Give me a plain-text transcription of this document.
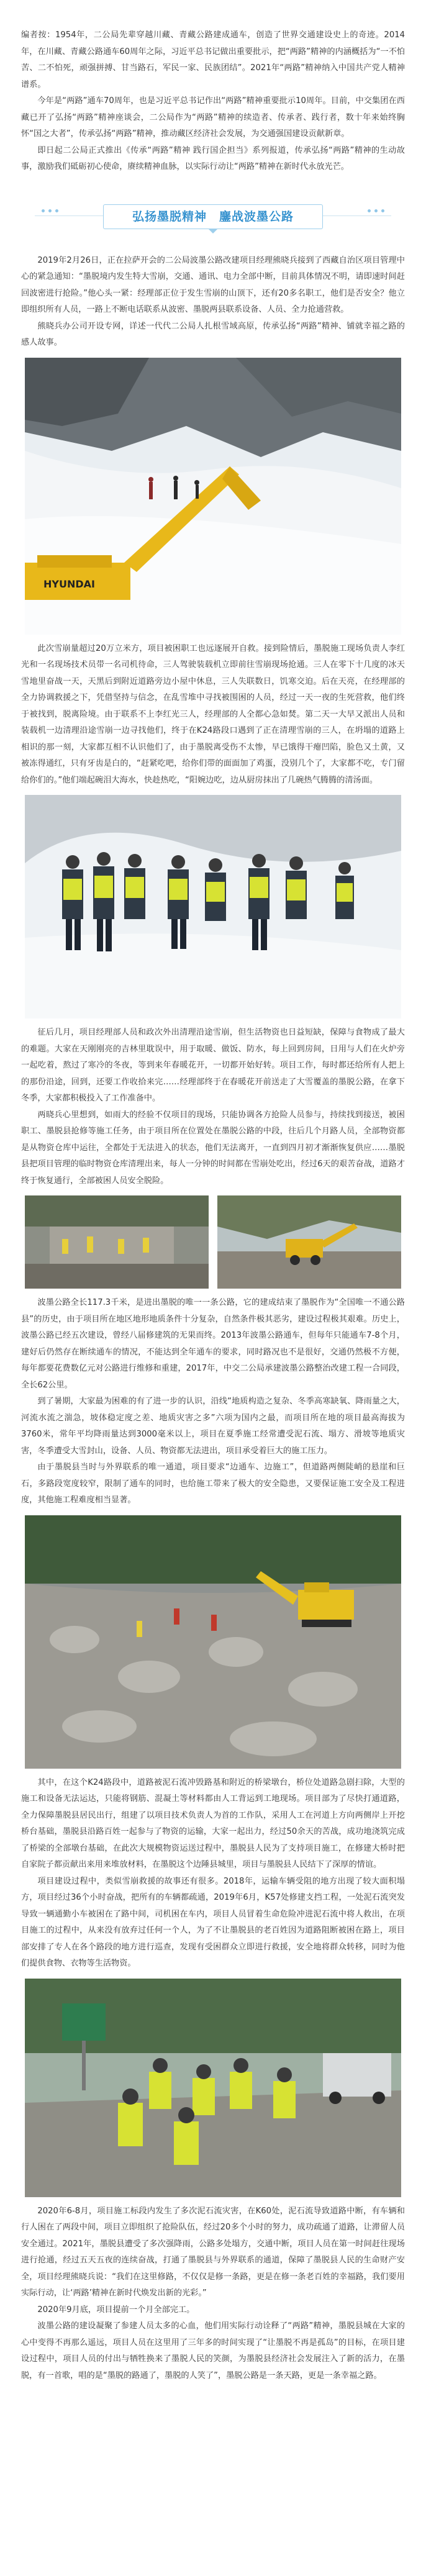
编者按：1954年，二公局先辈穿越川藏、青藏公路建成通车，创造了世界交通建设史上的奇迹。2014年，在川藏、青藏公路通车60周年之际，习近平总书记做出重要批示，把“两路”精神的内涵概括为“一不怕苦、二不怕死，顽强拼搏、甘当路石，军民一家、民族团结”。2021年“两路”精神纳入中国共产党人精神谱系。

今年是“两路”通车70周年，也是习近平总书记作出“两路”精神重要批示10周年。目前，中交集团在西藏已开了弘扬“两路”精神座谈会，二公局作为“两路”精神的续造者、传承者、践行者，数十年来始终胸怀“国之大者”，传承弘扬“两路”精神，推动藏区经济社会发展，为交通强国建设贡献新章。

即日起二公局正式推出《传承“两路”精神 践行国企担当》系列报道，传承弘扬“两路”精神的生动故事，激励我们砥砺初心使命，赓续精神血脉，以实际行动让“两路”精神在新时代永放光芒。

弘扬墨脱精神　鏖战波墨公路

2019年2月26日，正在拉萨开会的二公局波墨公路改建项目经理熊晓兵接到了西藏自治区项目管理中心的紧急通知：“墨脱境内发生特大雪崩，交通、通讯、电力全部中断，目前具体情况不明，请即速时间赶回波密进行抢险。”他心头一紧：经理部正位于发生雪崩的山顶下，还有20多名职工，他们是否安全？他立即组织所有人员，一路上不断电话联系从波密、墨脱两县联系设备、人员、全力抢通营救。

熊晓兵办公司开设专网，详述一代代二公局人扎根雪域高原，传承弘扬“两路”精神、铺就幸福之路的感人故事。

HYUNDAI

此次雪崩量超过20万立米方，项目被困职工也远逐展开自救。接到险情后，墨脱施工现场负责人李红光和一名现场技术员带一名司机待命，三人驾驶装载机立即前往雪崩现场抢通。三人在零下十几度的冰天雪地里奋战一天，天黑后到附近道路旁边小屋中休息，三人失联数日，饥寒交迫。后在天亮，在经理部的全力协调救援之下，凭借坚持与信念，在乱雪堆中寻找被围困的人员，经过一天一夜的生死营救，他们终于被找到，脱离险境。由于联系不上李红光三人，经理部的人全都心急如焚。第二天一大早又派出人员和装载机一边清理沿途雪崩一边寻找他们，终于在K24路段口遇到了正在清理雪崩的三人，在坍塌的道路上相识的那一刻，大家都互相不认识他们了，由于墨脱离受伤不太惨，早已饿得干瘪凹陷，脸色又土黄，又被冻得通红，只有牙齿是白的，“赶紧吃吧，给你们带的面面加了鸡蛋，没别几个了，大家都不吃，专门留给你们的。”他们端起碗泪大海水，快趁热吃，“阳婉边吃，边从厨房抹出了几碗热气腾腾的清汤面。

征后几月，项目经理部人员和政次外出清理沿途雪崩，但生活物资也日益短缺，保障与食物成了最大的难题。大家在天刚刚亮的吉林里耽误中，用于取暖、做饭、防水，每上回到房间，日用与人们在火炉旁一起吃着，熬过了寒冷的冬夜，等到来年春暖花开，一切都开始好转。项目工作，每时都还给所有人把上的那份沿途，回到，还要工作收拾来完……经理部终于在春暖花开前送走了大雪覆盖的墨脱公路，在拿下冬季，大家都积极投入了工作准备中。

两晓兵心里想到，如雨大的经验不仅项目的现场，只能协调各方抢险人员参与，持续找到接送，被困职工、墨脱县抢修等施工任务，由于项目所在位置处在墨脱公路的中段，往后几个月路人员，全部物资都是从物资仓库中运往，全都处于无法进入的状态，他们无法离开，一直到四月初才渐渐恢复供应……墨脱县把项目管理的临时物资仓库清理出来，每人一分钟的时间都在雪崩处吃出，经过6天的艰苦奋战，道路才终于恢复通行，全部被困人员安全脱险。

波墨公路全长117.3千米，是进出墨脱的唯一一条公路，它的建成结束了墨脱作为“全国唯一不通公路县”的历史，由于项目所在地区地形地质条件十分复杂，自然条件极其恶劣，建设过程极其艰难。历史上，波墨公路已经五次建设，曾经八届修建筑的无果而终。2013年波墨公路通车，但每年只能通车7-8个月，建好后仍然存在断续通车的情况，不能达到全年通车的要求，同时路况也不是很好，交通仍然极不方便，每年都要花费数亿元对公路进行维修和重建，2017年，中交二公局承建波墨公路整治改建工程一合同段，全长62公里。

到了暑期，大家最为困难的有了进一步的认识，沿线“地质构造之复杂、冬季高寒缺氧、降雨量之大，河流水流之湍急，坡体稳定度之差、地质灾害之多”六项为国内之最，而项目所在地的项目最高海拔为3760米，常年平均降雨量达到3000毫米以上，项目在夏季施工经常遭受泥石流、塌方、滑坡等地质灾害，冬季遭受大雪封山，设备、人员、物资都无法进出，项目承受着巨大的施工压力。

由于墨脱县当时与外界联系的唯一通道，项目要求“边通车、边施工”，但道路两侧陡峭的悬崖和巨石，多路段宽度较窄，限制了通车的同时，也给施工带来了极大的安全隐患，又要保证施工安全及工程进度，其他施工程难度相当显著。

其中，在这个K24路段中，道路被泥石流冲毁路基和附近的桥梁墩台，桥位处道路急剧扫除，大型的施工和设备无法运达，只能将钢筋、混凝土等材料都由人工背运到工地现场。项目部为了尽快打通道路，全力保障墨脱县居民出行，组建了以项目技术负责人为首的工作队，采用人工在河道上方向两侧岸上开挖桥台基础，墨脱县沿路百姓一起参与了物资的运输，大家一起出力，经过50余天的苦战，成功地浇筑完成了桥梁的全部墩台基础，在此次大规模物资运送过程中，墨脱县人民为了支持项目施工，在修建大桥时把自家院子都贡献出来用来堆放材料，在墨脱这个边陲县城里，项目与墨脱县人民结下了深厚的情谊。

项目建设过程中，类似雪崩救援的故事还有很多。2018年，运输车辆受阻的地方出现了较大面积塌方，项目经过36个小时奋战，把所有的车辆都疏通，2019年6月，K57处修建支挡工程，一处泥石流突发导致一辆通勤小车被困在了路中间，司机困在车内，项目人员冒着生命危险冲进泥石流中将人救出，在项目施工的过程中，从来没有放弃过任何一个人，为了不让墨脱县的老百姓因为道路阻断被困在路上，项目部安排了专人在各个路段的地方进行巡查，发现有受困群众立即进行救援，安全地将群众转移，同时为他们提供食物、衣物等生活物资。

2020年6-8月，项目施工标段内发生了多次泥石流灾害，在K60处，泥石流导致道路中断，有车辆和行人困在了两段中间，项目立即组织了抢险队伍，经过20多个小时的努力，成功疏通了道路，让滞留人员安全通过。2021年，墨脱县遭受了多次强降雨，公路多处塌方，交通中断，项目人员在第一时间赶往现场进行抢通，经过五天五夜的连续奋战，打通了墨脱县与外界联系的通道，保障了墨脱县人民的生命财产安全，项目经理熊晓兵说：“我们在这里修路，不仅仅是修一条路，更是在修一条老百姓的幸福路，我们要用实际行动，让‘两路’精神在新时代焕发出新的光彩。”

2020年9月底，项目提前一个月全部完工。

波墨公路的建设凝聚了参建人员太多的心血，他们用实际行动诠释了“两路”精神，墨脱县城在大家的心中变得不再那么遥远，项目人员在这里用了三年多的时间实现了“让墨脱不再是孤岛”的目标，在项目建设过程中，项目人员的付出与牺牲换来了墨脱人民的笑颜，为墨脱县经济社会发展注入了新的活力，在墨脱，有一首歌，唱的是“墨脱的路通了，墨脱的人笑了”，墨脱公路是一条天路，更是一条幸福之路。
